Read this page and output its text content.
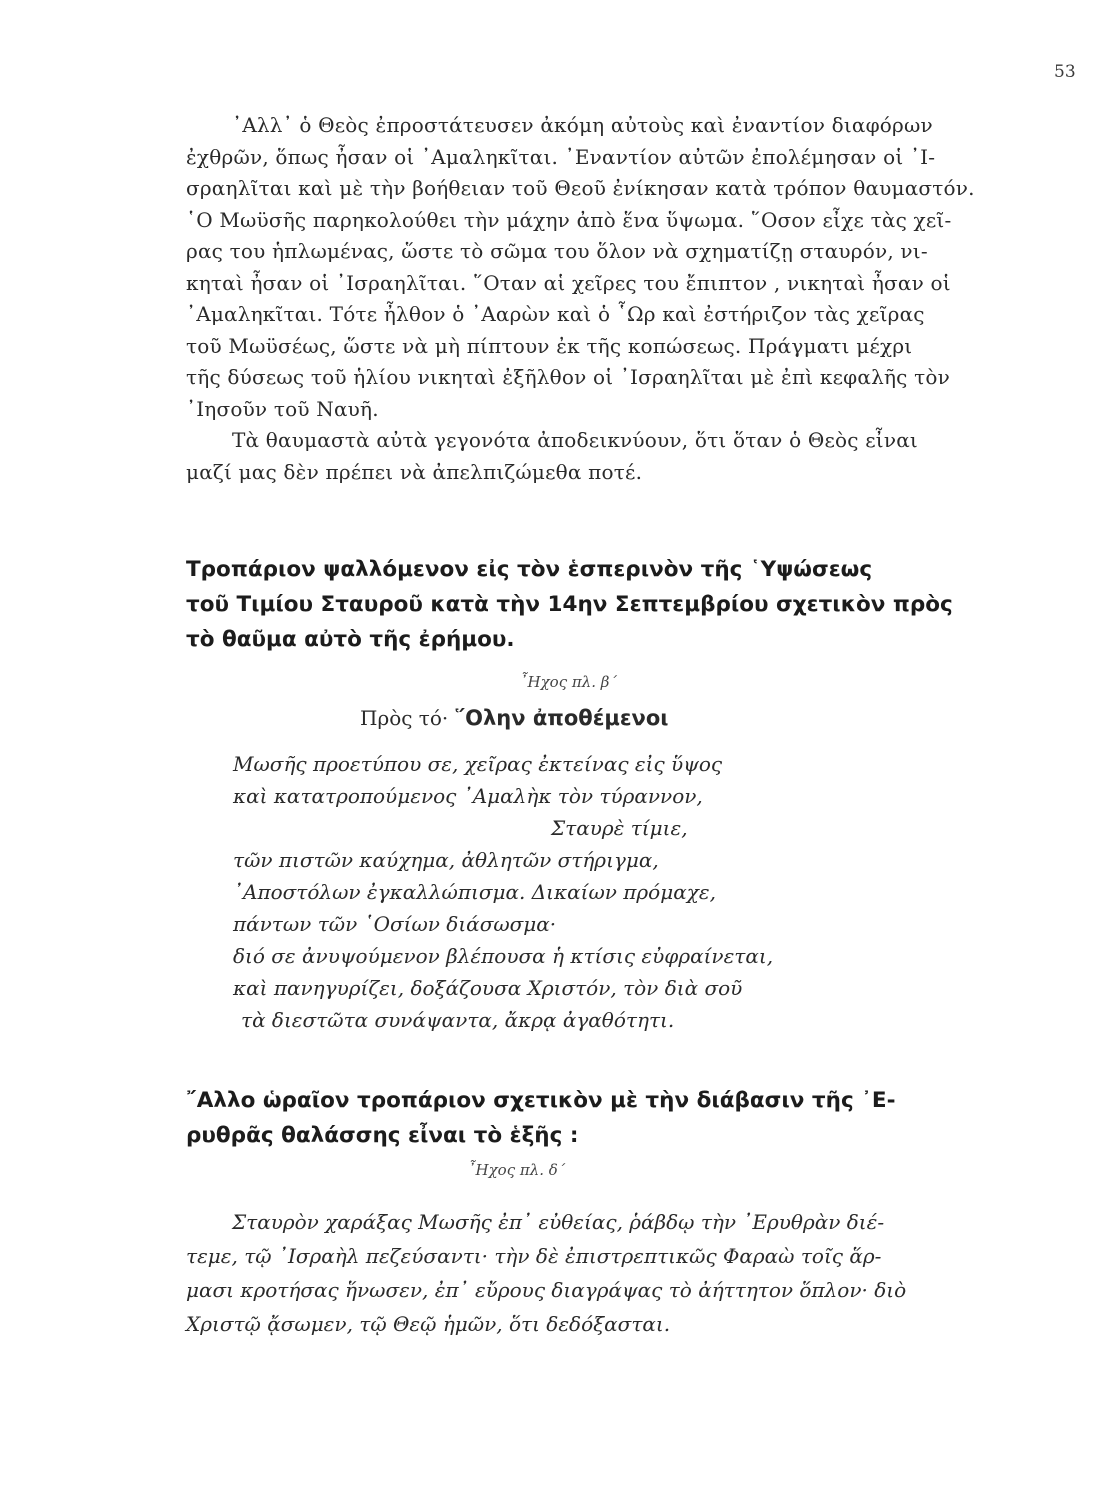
53
᾿Αλλ᾿ ὁ Θεὸς ἐπροστάτευσεν ἀκόμη αὐτοὺς καὶ ἐναντίον διαφόρων
ἐχθρῶν, ὅπως ἦσαν οἱ ᾿Αμαληκῖται. ᾿Εναντίον αὐτῶν ἐπολέμησαν οἱ ᾿Ι-
σραηλῖται καὶ μὲ τὴν βοήθειαν τοῦ Θεοῦ ἐνίκησαν κατὰ τρόπον θαυμαστόν.
῾Ο Μωϋσῆς παρηκολούθει τὴν μάχην ἀπὸ ἕνα ὕψωμα. ῞Οσον εἶχε τὰς χεῖ-
ρας του ἡπλωμένας, ὥστε τὸ σῶμα του ὅλον νὰ σχηματίζῃ σταυρόν, νι-
κηταὶ ἦσαν οἱ ᾿Ισραηλῖται. ῞Οταν αἱ χεῖρες του ἔπιπτον , νικηταὶ ἦσαν οἱ
᾿Αμαληκῖται. Τότε ἦλθον ὁ ᾿Ααρὼν καὶ ὁ ῟Ωρ καὶ ἐστήριζον τὰς χεῖρας
τοῦ Μωϋσέως, ὥστε νὰ μὴ πίπτουν ἐκ τῆς κοπώσεως. Πράγματι μέχρι
τῆς δύσεως τοῦ ἡλίου νικηταὶ ἐξῆλθον οἱ ᾿Ισραηλῖται μὲ ἐπὶ κεφαλῆς τὸν
᾿Ιησοῦν τοῦ Ναυῆ.
Τὰ θαυμαστὰ αὐτὰ γεγονότα ἀποδεικνύουν, ὅτι ὅταν ὁ Θεὸς εἶναι
μαζί μας δὲν πρέπει νὰ ἀπελπιζώμεθα ποτέ.
Τροπάριον ψαλλόμενον εἰς τὸν ἑσπερινὸν τῆς ῾Υψώσεως
τοῦ Τιμίου Σταυροῦ κατὰ τὴν 14ην Σεπτεμβρίου σχετικὸν πρὸς
τὸ θαῦμα αὐτὸ τῆς ἐρήμου.
῏Ηχος πλ. β΄
Πρὸς τό· ῞Ολην ἀποθέμενοι
Μωσῆς προετύπου σε, χεῖρας ἐκτείνας εἰς ὕψος
καὶ κατατροπούμενος ᾿Αμαλὴκ τὸν τύραννον,
Σταυρὲ τίμιε,
τῶν πιστῶν καύχημα, ἀθλητῶν στήριγμα,
᾿Αποστόλων ἐγκαλλώπισμα. Δικαίων πρόμαχε,
πάντων τῶν ῾Οσίων διάσωσμα·
διό σε ἀνυψούμενον βλέπουσα ἡ κτίσις εὐφραίνεται,
καὶ πανηγυρίζει, δοξάζουσα Χριστόν, τὸν διὰ σοῦ
τὰ διεστῶτα συνάψαντα, ἄκρᾳ ἀγαθότητι.
῎Αλλο ὡραῖον τροπάριον σχετικὸν μὲ τὴν διάβασιν τῆς ᾿Ε-
ρυθρᾶς θαλάσσης εἶναι τὸ ἑξῆς :
῏Ηχος πλ. δ΄
Σταυρὸν χαράξας Μωσῆς ἐπ᾿ εὐθείας, ῥάβδῳ τὴν ᾿Ερυθρὰν διέ-
τεμε, τῷ ᾿Ισραὴλ πεζεύσαντι· τὴν δὲ ἐπιστρεπτικῶς Φαραὼ τοῖς ἅρ-
μασι κροτήσας ἥνωσεν, ἐπ᾿ εὔρους διαγράψας τὸ ἀήττητον ὅπλον· διὸ
Χριστῷ ᾄσωμεν, τῷ Θεῷ ἡμῶν, ὅτι δεδόξασται.
